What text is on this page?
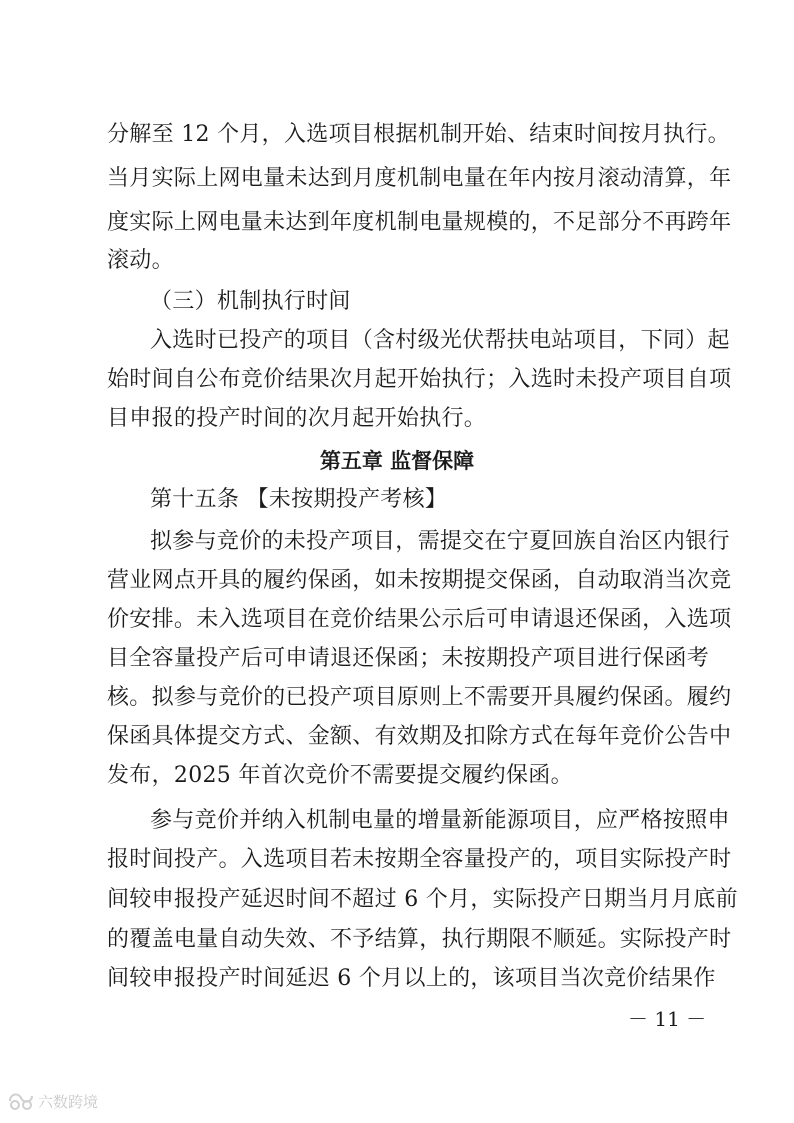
分解至 12 个月，入选项目根据机制开始、结束时间按月执行。
当月实际上网电量未达到月度机制电量在年内按月滚动清算，年
度实际上网电量未达到年度机制电量规模的，不足部分不再跨年
滚动。
（三）机制执行时间
入选时已投产的项目（含村级光伏帮扶电站项目，下同）起
始时间自公布竞价结果次月起开始执行；入选时未投产项目自项
目申报的投产时间的次月起开始执行。
第五章 监督保障
第十五条 【未按期投产考核】
拟参与竞价的未投产项目，需提交在宁夏回族自治区内银行
营业网点开具的履约保函，如未按期提交保函，自动取消当次竞
价安排。未入选项目在竞价结果公示后可申请退还保函，入选项
目全容量投产后可申请退还保函；未按期投产项目进行保函考
核。拟参与竞价的已投产项目原则上不需要开具履约保函。履约
保函具体提交方式、金额、有效期及扣除方式在每年竞价公告中
发布，2025 年首次竞价不需要提交履约保函。
参与竞价并纳入机制电量的增量新能源项目，应严格按照申
报时间投产。入选项目若未按期全容量投产的，项目实际投产时
间较申报投产延迟时间不超过 6 个月，实际投产日期当月月底前
的覆盖电量自动失效、不予结算，执行期限不顺延。实际投产时
间较申报投产时间延迟 6 个月以上的，该项目当次竞价结果作
－ 11 －
六数跨境
